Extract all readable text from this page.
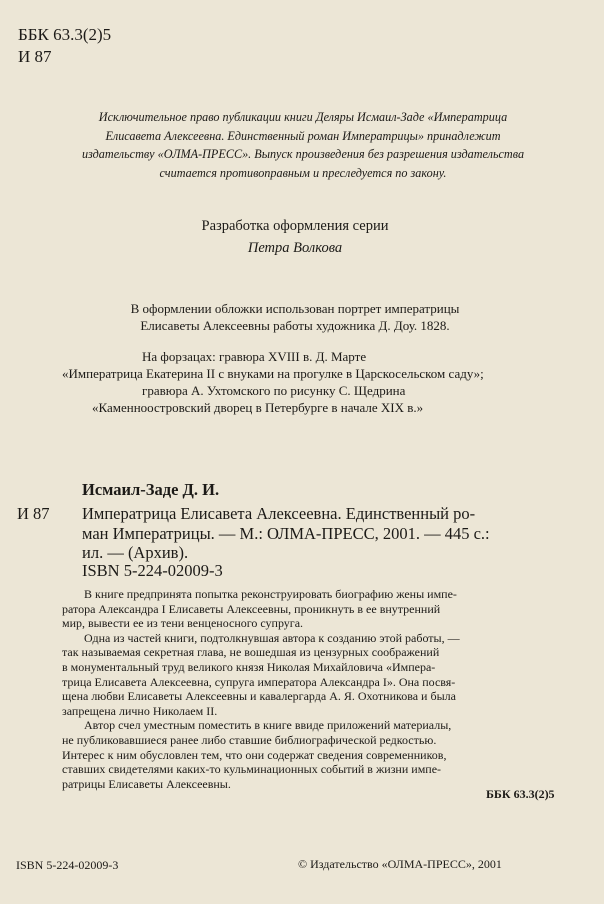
ББК 63.3(2)5
И 87
Исключительное право публикации книги Деляры Исмаил-Заде «Императрица
Елисавета Алексеевна. Единственный роман Императрицы» принадлежит
издательству «ОЛМА-ПРЕСС». Выпуск произведения без разрешения издательства
считается противоправным и преследуется по закону.
Разработка оформления серии
Петра Волкова
В оформлении обложки использован портрет императрицы
Елисаветы Алексеевны работы художника Д. Доу. 1828.
На форзацах: гравюра XVIII в. Д. Марте
«Императрица Екатерина II с внуками на прогулке в Царскосельском саду»;
гравюра А. Ухтомского по рисунку С. Щедрина
«Каменноостровский дворец в Петербурге в начале XIX в.»
Исмаил-Заде Д. И.
И 87 Императрица Елисавета Алексеевна. Единственный ро-
ман Императрицы. — М.: ОЛМА-ПРЕСС, 2001. — 445 с.:
ил. — (Архив).
ISBN 5-224-02009-3
В книге предпринята попытка реконструировать биографию жены импе-
ратора Александра I Елисаветы Алексеевны, проникнуть в ее внутренний
мир, вывести ее из тени венценосного супруга.
Одна из частей книги, подтолкнувшая автора к созданию этой работы, —
так называемая секретная глава, не вошедшая из цензурных соображений
в монументальный труд великого князя Николая Михайловича «Импера-
трица Елисавета Алексеевна, супруга императора Александра I». Она посвя-
щена любви Елисаветы Алексеевны и кавалергарда А. Я. Охотникова и была
запрещена лично Николаем II.
Автор счел уместным поместить в книге ввиде приложений материалы,
не публиковавшиеся ранее либо ставшие библиографической редкостью.
Интерес к ним обусловлен тем, что они содержат сведения современников,
ставших свидетелями каких-то кульминационных событий в жизни импе-
ратрицы Елисаветы Алексеевны.
ББК 63.3(2)5
ISBN 5-224-02009-3	© Издательство «ОЛМА-ПРЕСС», 2001
